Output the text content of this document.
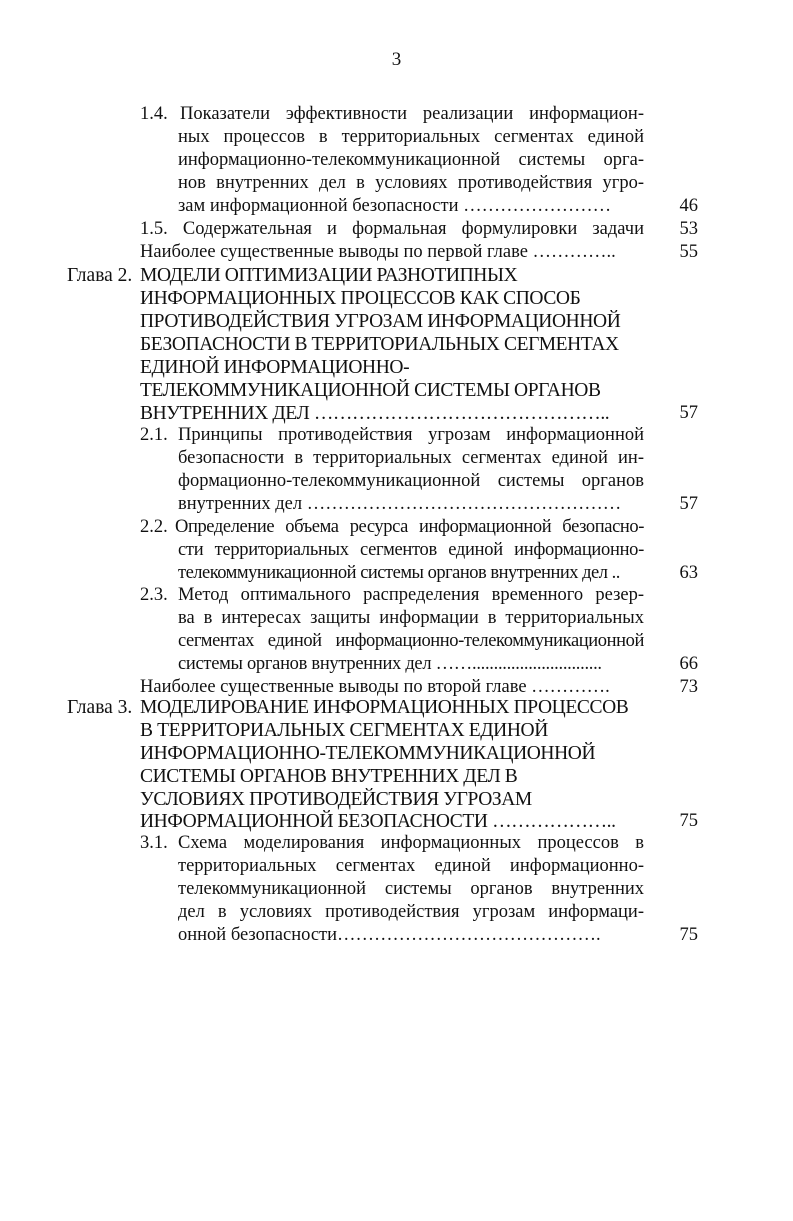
3
1.4. Показатели эффективности реализации информацион-
ных процессов в территориальных сегментах единой
информационно-телекоммуникационной системы орга-
нов внутренних дел в условиях противодействия угро-
зам информационной безопасности ……………………	46
1.5. Содержательная и формальная формулировки задачи 53
Наиболее существенные выводы по первой главе …………..	55
Глава 2. МОДЕЛИ ОПТИМИЗАЦИИ РАЗНОТИПНЫХ
ИНФОРМАЦИОННЫХ ПРОЦЕССОВ КАК СПОСОБ
ПРОТИВОДЕЙСТВИЯ УГРОЗАМ ИНФОРМАЦИОННОЙ
БЕЗОПАСНОСТИ В ТЕРРИТОРИАЛЬНЫХ СЕГМЕНТАХ
ЕДИНОЙ ИНФОРМАЦИОННО-
ТЕЛЕКОММУНИКАЦИОННОЙ СИСТЕМЫ ОРГАНОВ
ВНУТРЕННИХ ДЕЛ ………………………………………..	57
2.1. Принципы противодействия угрозам информационной
безопасности в территориальных сегментах единой ин-
формационно-телекоммуникационной системы органов
внутренних дел ……………………………………………	57
2.2. Определение объема ресурса информационной безопасно-
сти территориальных сегментов единой информационно-
телекоммуникационной системы органов внутренних дел ..	63
2.3. Метод оптимального распределения временного резер-
ва в интересах защиты информации в территориальных
сегментах единой информационно-телекоммуникационной
системы органов внутренних дел ……..............................	66
Наиболее существенные выводы по второй главе ………….	73
Глава 3. МОДЕЛИРОВАНИЕ ИНФОРМАЦИОННЫХ ПРОЦЕССОВ
В ТЕРРИТОРИАЛЬНЫХ СЕГМЕНТАХ ЕДИНОЙ
ИНФОРМАЦИОННО-ТЕЛЕКОММУНИКАЦИОННОЙ
СИСТЕМЫ ОРГАНОВ ВНУТРЕННИХ ДЕЛ В
УСЛОВИЯХ ПРОТИВОДЕЙСТВИЯ УГРОЗАМ
ИНФОРМАЦИОННОЙ БЕЗОПАСНОСТИ ………………..	75
3.1. Схема моделирования информационных процессов в
территориальных сегментах единой информационно-
телекоммуникационной системы органов внутренних
дел в условиях противодействия угрозам информаци-
онной безопасности…………………………………….	75
